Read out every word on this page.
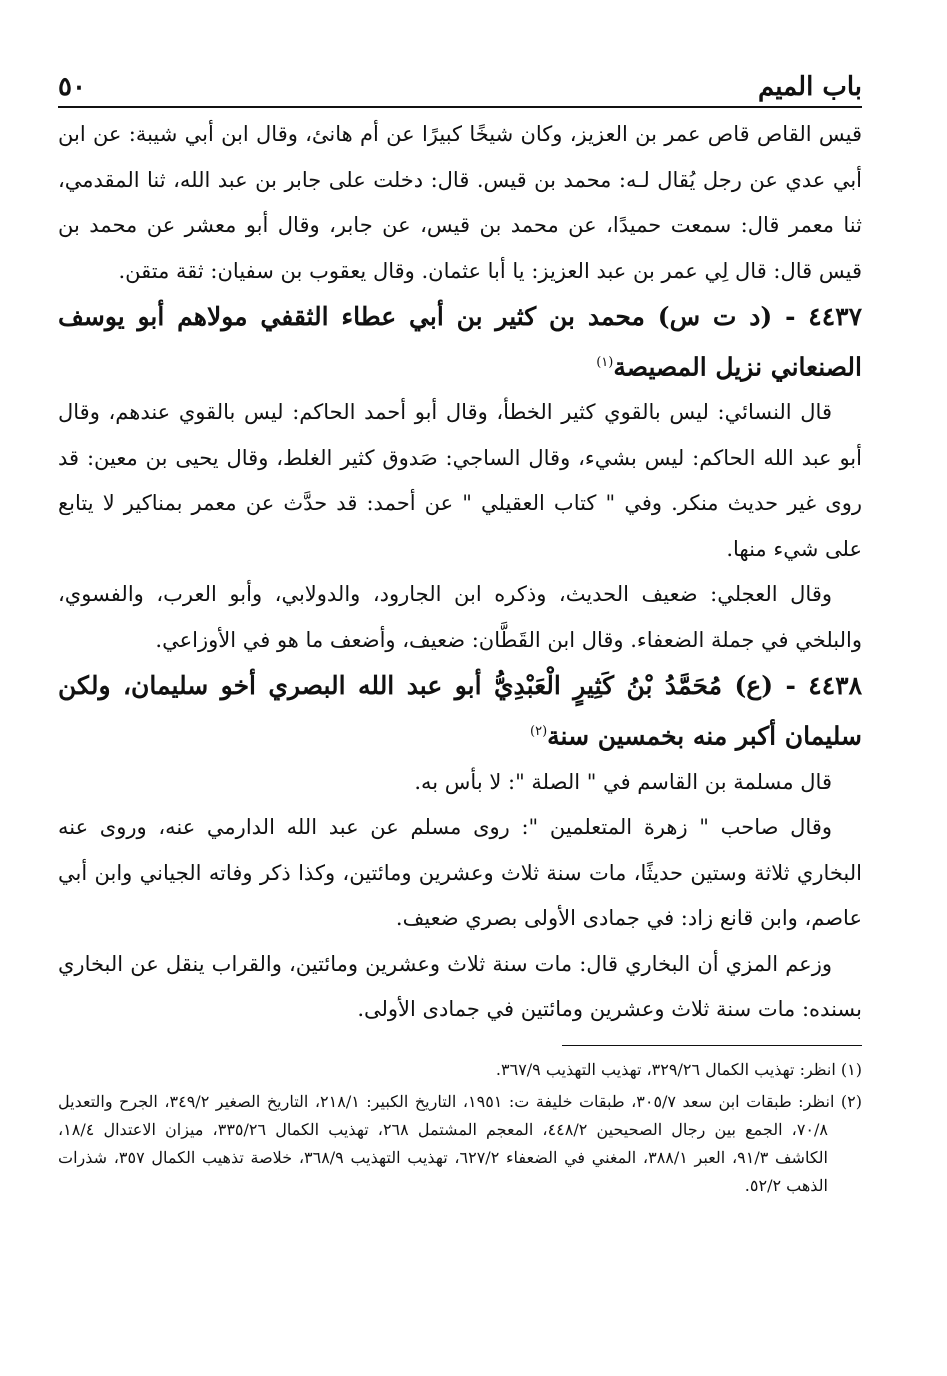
باب الميم
٥٠

قيس القاص قاص عمر بن العزيز، وكان شيخًا كبيرًا عن أم هانئ، وقال ابن أبي شيبة: عن ابن أبي عدي عن رجل يُقال لـه: محمد بن قيس. قال: دخلت على جابر بن عبد الله، ثنا المقدمي، ثنا معمر قال: سمعت حميدًا، عن محمد بن قيس، عن جابر، وقال أبو معشر عن محمد بن قيس قال: قال لِي عمر بن عبد العزيز: يا أبا عثمان. وقال يعقوب بن سفيان: ثقة متقن.

٤٤٣٧ - (د ت س) محمد بن كثير بن أبي عطاء الثقفي مولاهم أبو يوسف الصنعاني نزيل المصيصة$^{(١)}$

قال النسائي: ليس بالقوي كثير الخطأ، وقال أبو أحمد الحاكم: ليس بالقوي عندهم، وقال أبو عبد الله الحاكم: ليس بشيء، وقال الساجي: صَدوق كثير الغلط، وقال يحيى بن معين: قد روى غير حديث منكر. وفي " كتاب العقيلي " عن أحمد: قد حدَّث عن معمر بمناكير لا يتابع على شيء منها.

وقال العجلي: ضعيف الحديث، وذكره ابن الجارود، والدولابي، وأبو العرب، والفسوي، والبلخي في جملة الضعفاء. وقال ابن القَطَّان: ضعيف، وأضعف ما هو في الأوزاعي.

٤٤٣٨ - (ع) مُحَمَّدُ بْنُ كَثِيرٍ الْعَبْدِيُّ أبو عبد الله البصري أخو سليمان، ولكن سليمان أكبر منه بخمسين سنة$^{(٢)}$

قال مسلمة بن القاسم في " الصلة ": لا بأس به.

وقال صاحب " زهرة المتعلمين ": روى مسلم عن عبد الله الدارمي عنه، وروى عنه البخاري ثلاثة وستين حديثًا، مات سنة ثلاث وعشرين ومائتين، وكذا ذكر وفاته الجياني وابن أبي عاصم، وابن قانع زاد: في جمادى الأولى بصري ضعيف.

وزعم المزي أن البخاري قال: مات سنة ثلاث وعشرين ومائتين، والقراب ينقل عن البخاري بسنده: مات سنة ثلاث وعشرين ومائتين في جمادى الأولى.

(١) انظر: تهذيب الكمال ٣٢٩/٢٦، تهذيب التهذيب ٣٦٧/٩.

(٢) انظر: طبقات ابن سعد ٣٠٥/٧، طبقات خليفة ت: ١٩٥١، التاريخ الكبير: ٢١٨/١، التاريخ الصغير ٣٤٩/٢، الجرح والتعديل ٧٠/٨، الجمع بين رجال الصحيحين ٤٤٨/٢، المعجم المشتمل ٢٦٨، تهذيب الكمال ٣٣٥/٢٦، ميزان الاعتدال ١٨/٤، الكاشف ٩١/٣، العبر ٣٨٨/١، المغني في الضعفاء ٦٢٧/٢، تهذيب التهذيب ٣٦٨/٩، خلاصة تذهيب الكمال ٣٥٧، شذرات الذهب ٥٢/٢.
